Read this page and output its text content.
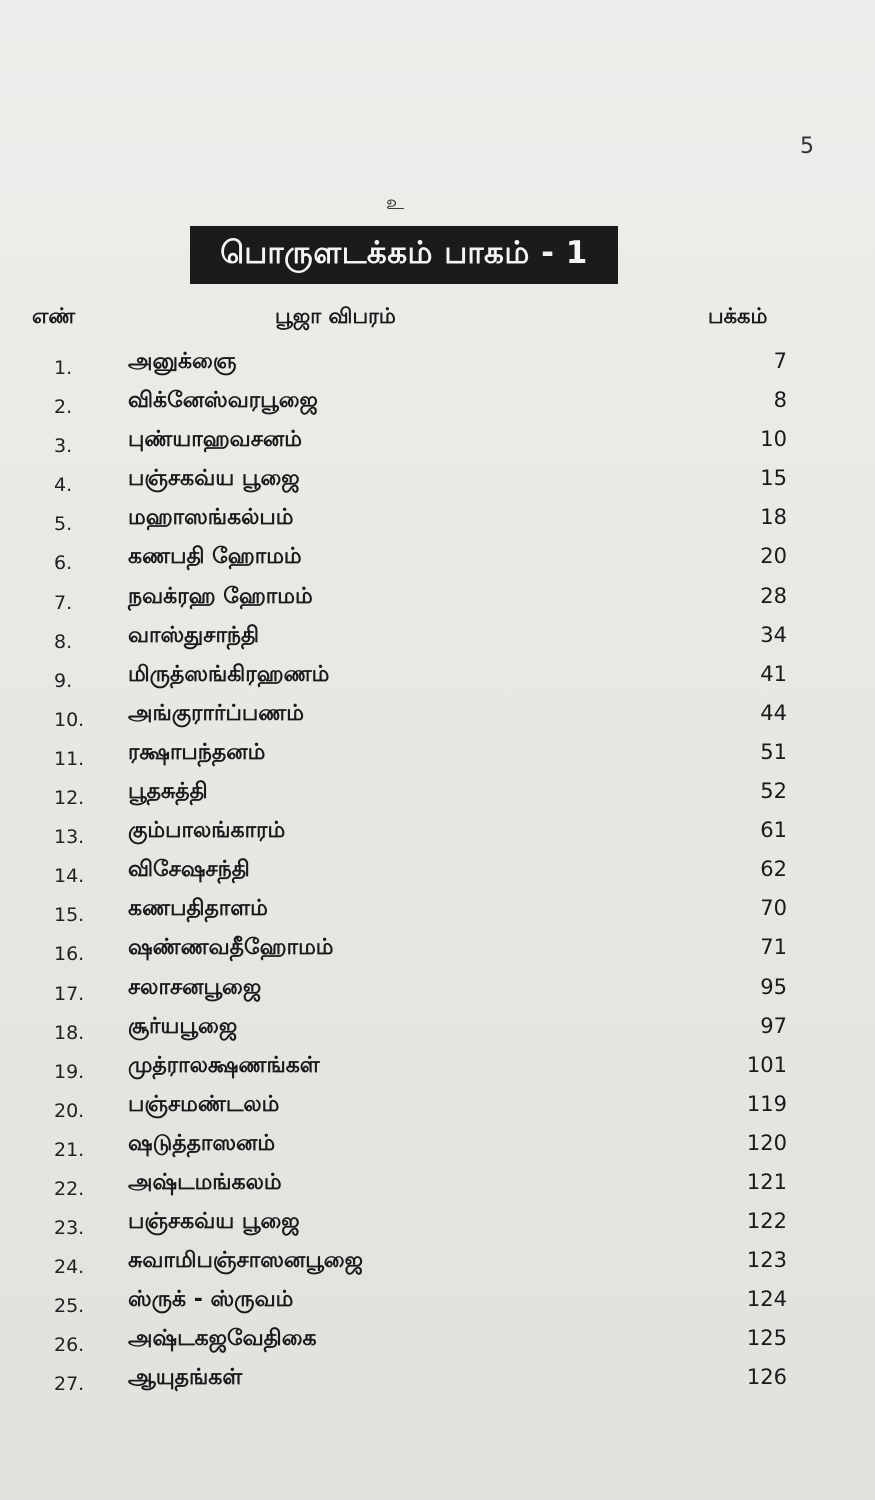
5
உ
பொருளடக்கம் பாகம் - 1
எண்	பூஜா விபரம்	பக்கம்
1.	அனுக்ஞை	7
2.	விக்னேஸ்வரபூஜை	8
3.	புண்யாஹவசனம்	10
4.	பஞ்சகவ்ய பூஜை	15
5.	மஹாஸங்கல்பம்	18
6.	கணபதி ஹோமம்	20
7.	நவக்ரஹ ஹோமம்	28
8.	வாஸ்துசாந்தி	34
9.	மிருத்ஸங்கிரஹணம்	41
10. அங்குரார்ப்பணம்	44
11. ரக்ஷாபந்தனம்	51
12. பூதசுத்தி	52
13. கும்பாலங்காரம்	61
14. விசேஷசந்தி	62
15. கணபதிதாளம்	70
16. ஷண்ணவதீஹோமம்	71
17. சலாசனபூஜை	95
18. சூர்யபூஜை	97
19. முத்ராலக்ஷணங்கள்	101
20. பஞ்சமண்டலம்	119
21. ஷடுத்தாஸனம்	120
22. அஷ்டமங்கலம்	121
23. பஞ்சகவ்ய பூஜை	122
24. சுவாமிபஞ்சாஸனபூஜை	123
25. ஸ்ருக் - ஸ்ருவம்	124
26. அஷ்டகஜவேதிகை	125
27. ஆயுதங்கள்	126
